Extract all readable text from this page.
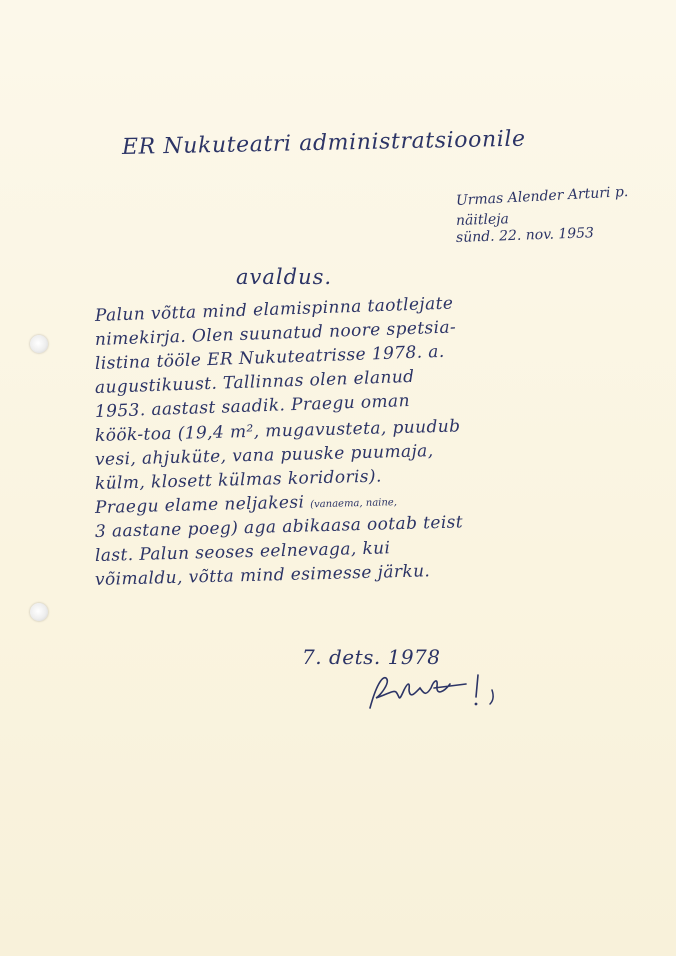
ER Nukuteatri administratsioonile
Urmas Alender Arturi p.
näitleja
sünd. 22. nov. 1953
avaldus.
Palun võtta mind elamispinna taotlejate
nimekirja. Olen suunatud noore spetsia-
listina tööle ER Nukuteatrisse 1978. a.
augustikuust. Tallinnas olen elanud
1953. aastast saadik. Praegu oman
köök-toa (19,4 m², mugavusteta, puudub
vesi, ahjuküte, vana puuske puumaja,
külm, klosett külmas koridoris).
Praegu elame neljakesi (vanaema, naine,
3 aastane poeg) aga abikaasa ootab teist
last. Palun seoses eelnevaga, kui
võimaldu, võtta mind esimesse järku.
7. dets. 1978
